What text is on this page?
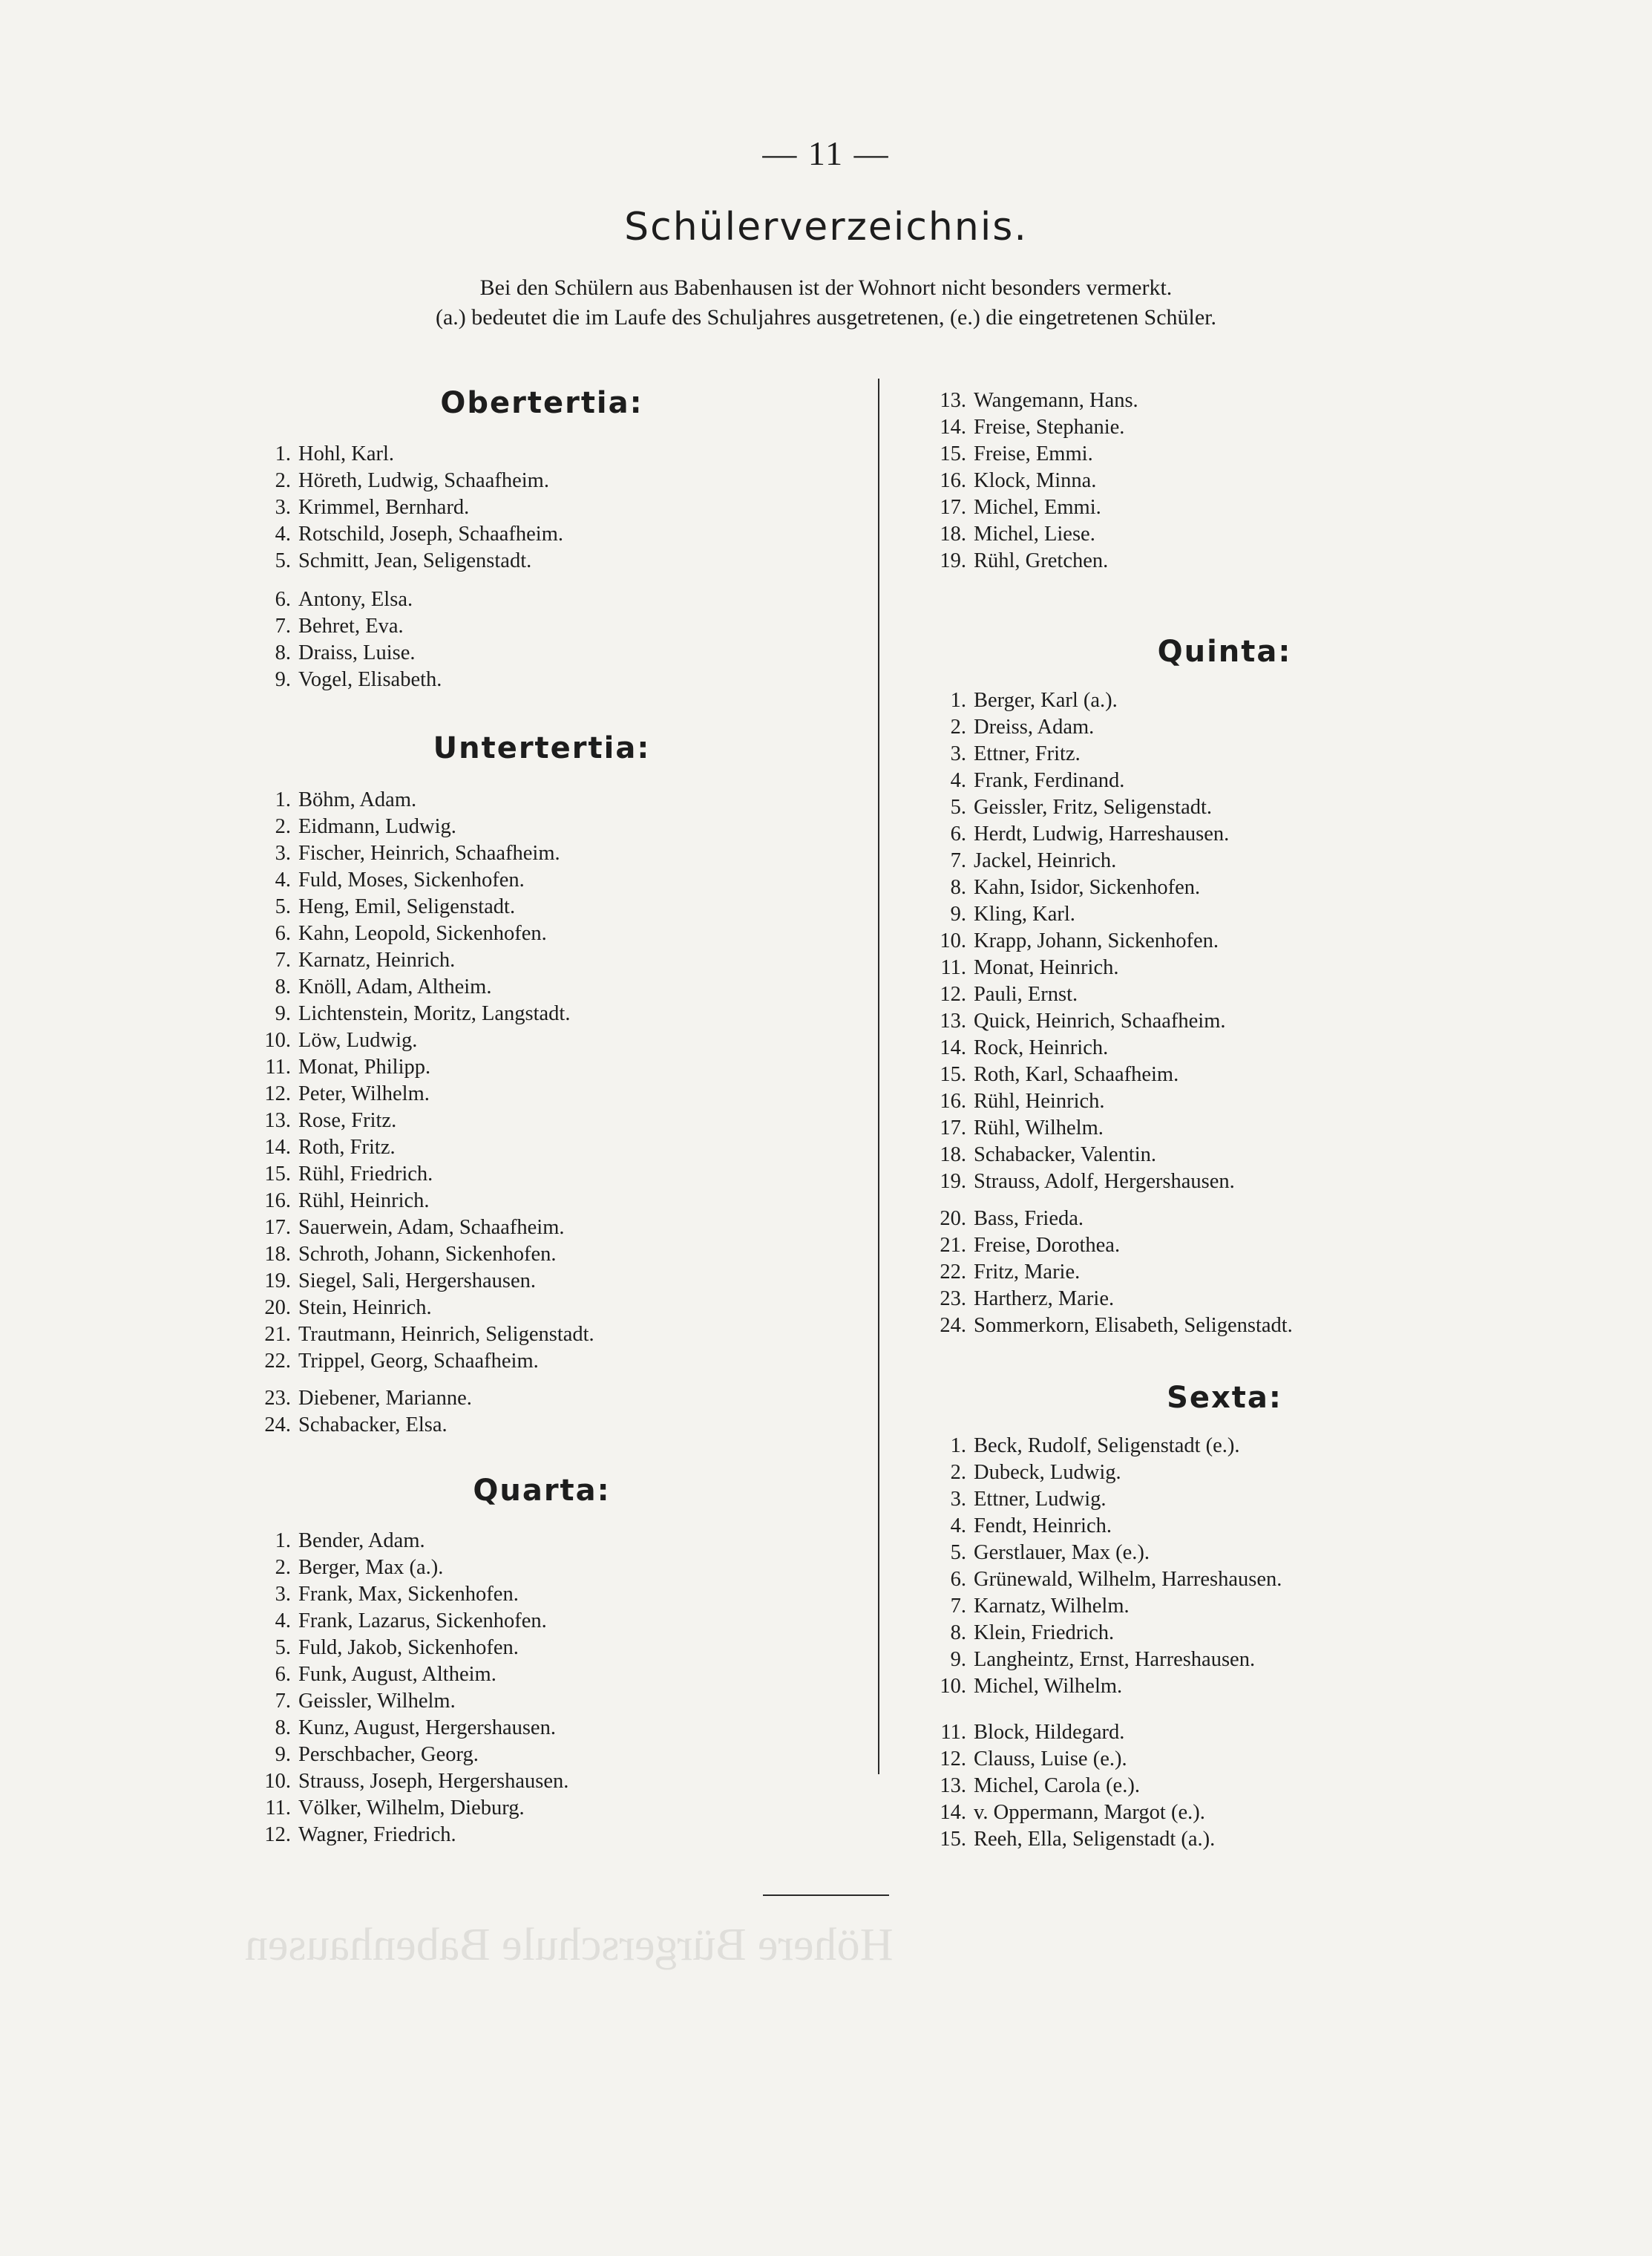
Höhere Bürgerschule Babenhausen
— 11 —
Schülerverzeichnis.
Bei den Schülern aus Babenhausen ist der Wohnort nicht besonders vermerkt.
(a.) bedeutet die im Laufe des Schuljahres ausgetretenen, (e.) die eingetretenen Schüler.
Obertertia:
1. Hohl, Karl.
2. Höreth, Ludwig, Schaafheim.
3. Krimmel, Bernhard.
4. Rotschild, Joseph, Schaafheim.
5. Schmitt, Jean, Seligenstadt.
6. Antony, Elsa.
7. Behret, Eva.
8. Draiss, Luise.
9. Vogel, Elisabeth.
Untertertia:
1. Böhm, Adam.
2. Eidmann, Ludwig.
3. Fischer, Heinrich, Schaafheim.
4. Fuld, Moses, Sickenhofen.
5. Heng, Emil, Seligenstadt.
6. Kahn, Leopold, Sickenhofen.
7. Karnatz, Heinrich.
8. Knöll, Adam, Altheim.
9. Lichtenstein, Moritz, Langstadt.
10. Löw, Ludwig.
11. Monat, Philipp.
12. Peter, Wilhelm.
13. Rose, Fritz.
14. Roth, Fritz.
15. Rühl, Friedrich.
16. Rühl, Heinrich.
17. Sauerwein, Adam, Schaafheim.
18. Schroth, Johann, Sickenhofen.
19. Siegel, Sali, Hergershausen.
20. Stein, Heinrich.
21. Trautmann, Heinrich, Seligenstadt.
22. Trippel, Georg, Schaafheim.
23. Diebener, Marianne.
24. Schabacker, Elsa.
Quarta:
1. Bender, Adam.
2. Berger, Max (a.).
3. Frank, Max, Sickenhofen.
4. Frank, Lazarus, Sickenhofen.
5. Fuld, Jakob, Sickenhofen.
6. Funk, August, Altheim.
7. Geissler, Wilhelm.
8. Kunz, August, Hergershausen.
9. Perschbacher, Georg.
10. Strauss, Joseph, Hergershausen.
11. Völker, Wilhelm, Dieburg.
12. Wagner, Friedrich.
13. Wangemann, Hans.
14. Freise, Stephanie.
15. Freise, Emmi.
16. Klock, Minna.
17. Michel, Emmi.
18. Michel, Liese.
19. Rühl, Gretchen.
Quinta:
1. Berger, Karl (a.).
2. Dreiss, Adam.
3. Ettner, Fritz.
4. Frank, Ferdinand.
5. Geissler, Fritz, Seligenstadt.
6. Herdt, Ludwig, Harreshausen.
7. Jackel, Heinrich.
8. Kahn, Isidor, Sickenhofen.
9. Kling, Karl.
10. Krapp, Johann, Sickenhofen.
11. Monat, Heinrich.
12. Pauli, Ernst.
13. Quick, Heinrich, Schaafheim.
14. Rock, Heinrich.
15. Roth, Karl, Schaafheim.
16. Rühl, Heinrich.
17. Rühl, Wilhelm.
18. Schabacker, Valentin.
19. Strauss, Adolf, Hergershausen.
20. Bass, Frieda.
21. Freise, Dorothea.
22. Fritz, Marie.
23. Hartherz, Marie.
24. Sommerkorn, Elisabeth, Seligenstadt.
Sexta:
1. Beck, Rudolf, Seligenstadt (e.).
2. Dubeck, Ludwig.
3. Ettner, Ludwig.
4. Fendt, Heinrich.
5. Gerstlauer, Max (e.).
6. Grünewald, Wilhelm, Harreshausen.
7. Karnatz, Wilhelm.
8. Klein, Friedrich.
9. Langheintz, Ernst, Harreshausen.
10. Michel, Wilhelm.
11. Block, Hildegard.
12. Clauss, Luise (e.).
13. Michel, Carola (e.).
14. v. Oppermann, Margot (e.).
15. Reeh, Ella, Seligenstadt (a.).
